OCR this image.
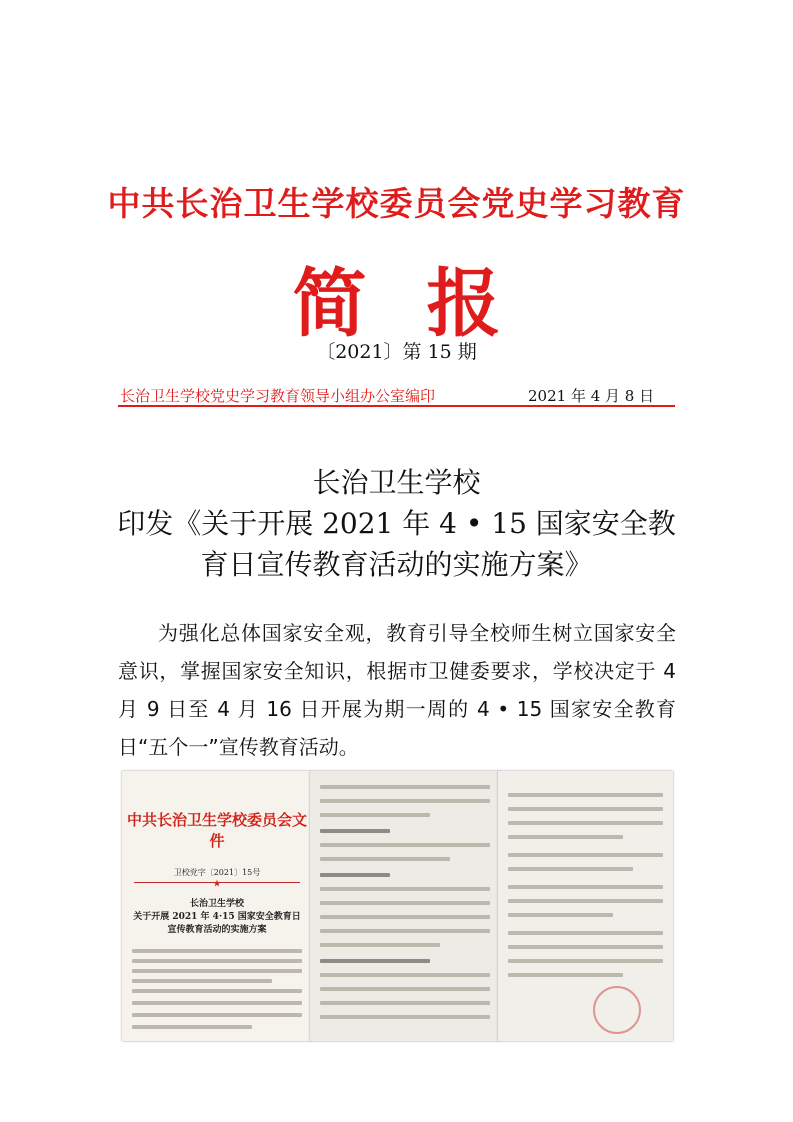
中共长治卫生学校委员会党史学习教育
简报
〔2021〕第 15 期
长治卫生学校党史学习教育领导小组办公室编印	2021 年 4 月 8 日
长治卫生学校
印发《关于开展 2021 年 4 • 15 国家安全教
育日宣传教育活动的实施方案》

为强化总体国家安全观，教育引导全校师生树立国家安全意识，掌握国家安全知识，根据市卫健委要求，学校决定于 4 月 9 日至 4 月 16 日开展为期一周的 4 • 15 国家安全教育日“五个一”宣传教育活动。

中共长治卫生学校委员会文件
卫校党字〔2021〕15号
★
长治卫生学校
关于开展 2021 年 4·15 国家安全教育日
宣传教育活动的实施方案
